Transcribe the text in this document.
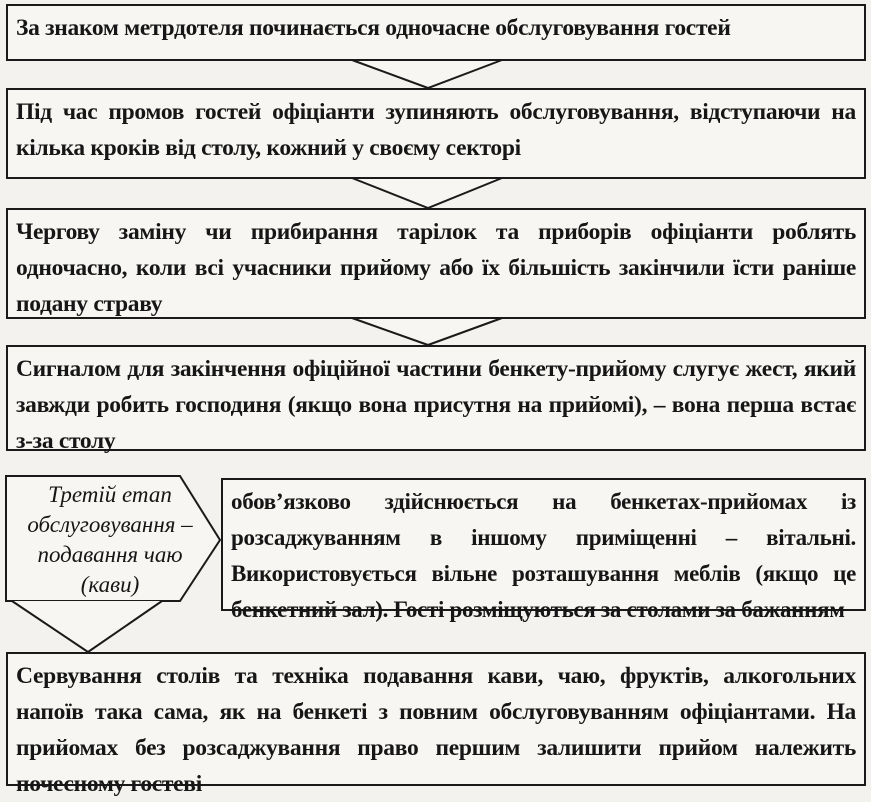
За знаком метрдотеля починається одночасне обслуговування гостей
Під час промов гостей офіціанти зупиняють обслуговування, відступаючи на кілька кроків від столу, кожний у своєму секторі
Чергову заміну чи прибирання тарілок та приборів офіціанти роблять одночасно, коли всі учасники прийому або їх більшість закінчили їсти раніше подану страву
Сигналом для закінчення офіційної частини бенкету-прийому слугує жест, який завжди робить господиня (якщо вона присутня на прийомі), – вона перша встає з-за столу
Третій етап обслуговування – подавання чаю (кави)
обов’язково здійснюється на бенкетах-прийомах із розсаджуванням в іншому приміщенні – вітальні. Використовується вільне розташування меблів (якщо це бенкетний зал). Гості розміщуються за столами за бажанням
Сервування столів та техніка подавання кави, чаю, фруктів, алкогольних напоїв така сама, як на бенкеті з повним обслуговуванням офіціантами. На прийомах без розсаджування право першим залишити прийом належить почесному гостеві
